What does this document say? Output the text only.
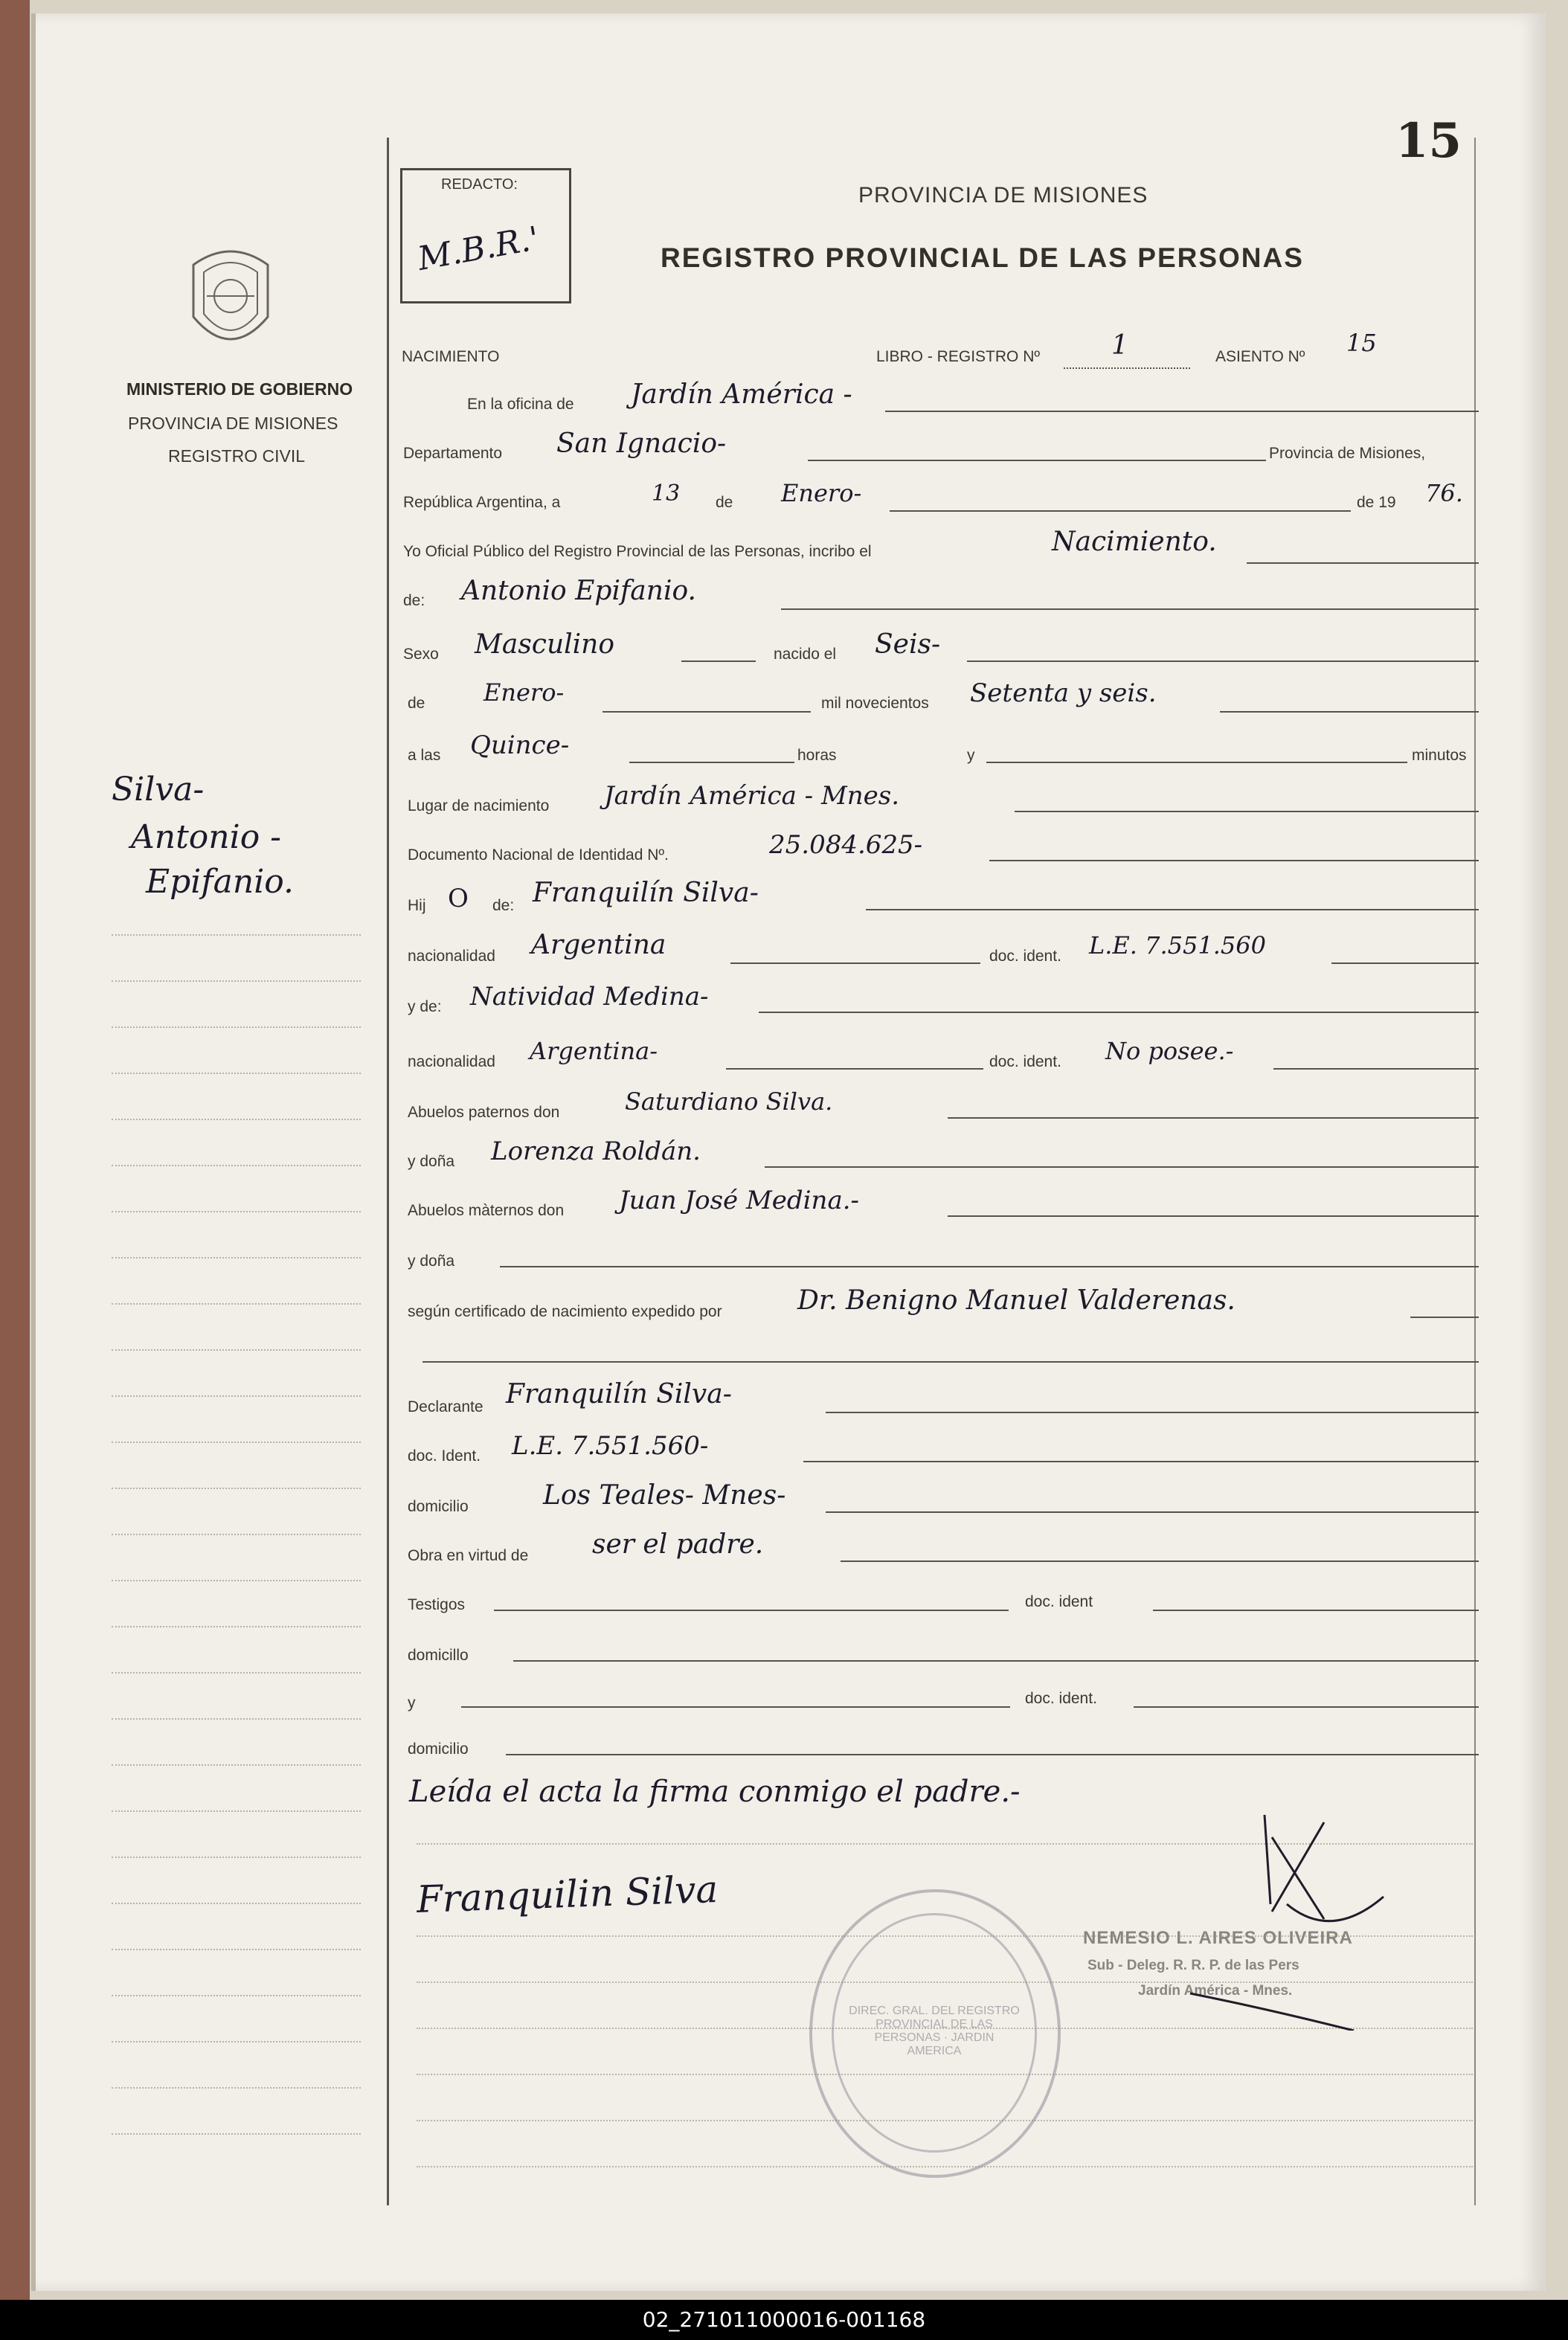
15
REDACTO:
M.B.R.'
PROVINCIA DE MISIONES
REGISTRO PROVINCIAL DE LAS PERSONAS
MINISTERIO DE GOBIERNO
PROVINCIA DE MISIONES
REGISTRO CIVIL
Silva-
Antonio -
Epifanio.
NACIMIENTO	LIBRO - REGISTRO Nº	1	ASIENTO Nº 15
En la oficina de Jardín América -
Departamento San Ignacio-	Provincia de Misiones,
República Argentina, a	13 de Enero-	de 19 76.
Yo Oficial Público del Registro Provincial de las Personas, incribo el	Nacimiento.
de: Antonio Epifanio.
Sexo Masculino	nacido el Seis-
de Enero-	mil novecientos Setenta y seis.
a las Quince-	horas	y	minutos
Lugar de nacimiento Jardín América - Mnes.
Documento Nacional de Identidad Nº.	25.084.625-
Hij O de: Franquilín Silva-
nacionalidad Argentina	doc. ident. L.E. 7.551.560
y de: Natividad Medina-
nacionalidad Argentina-	doc. ident. No posee.-
Abuelos paternos don	Saturdiano Silva.
y doña Lorenza Roldán.
Abuelos màternos don Juan José Medina.-
y doña
según certificado de nacimiento expedido por	Dr. Benigno Manuel Valderenas.
Declarante Franquilín Silva-
doc. Ident. L.E. 7.551.560-
domicilio	Los Teales- Mnes-
Obra en virtud de ser el padre.
Testigos	doc. ident
domicillo
y	doc. ident.
domicilio
Leída el acta la firma conmigo el padre.-
Franquilin Silva
DIREC. GRAL. DEL REGISTRO PROVINCIAL DE LAS PERSONAS · JARDIN AMERICA
NEMESIO L. AIRES OLIVEIRA
Sub - Deleg. R. R. P. de las Pers
Jardín América - Mnes.
02_271011000016-001168
